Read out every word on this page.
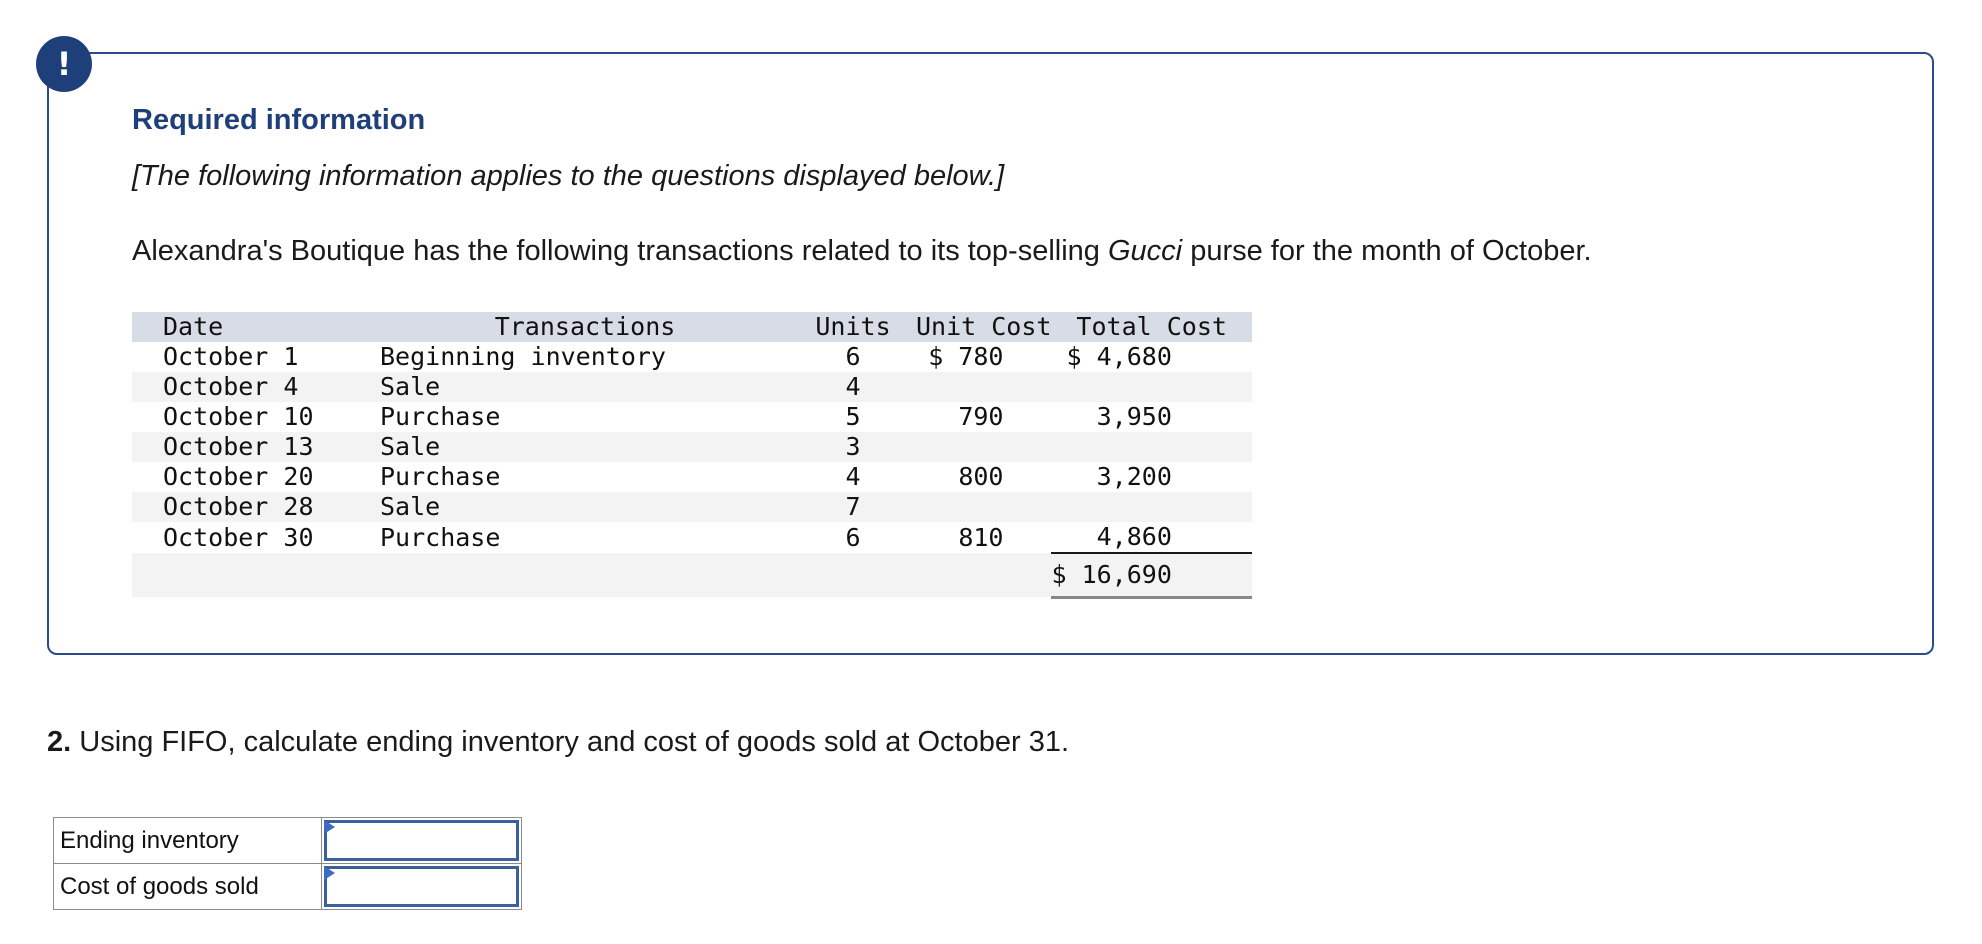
!
Required information
[The following information applies to the questions displayed below.]
Alexandra's Boutique has the following transactions related to its top-selling Gucci purse for the month of October.
Date	Transactions	Units	Unit Cost	Total Cost
October 1	Beginning inventory	6	$ 780	$ 4,680
October 4	Sale	4		
October 10	Purchase	5	790	3,950
October 13	Sale	3		
October 20	Purchase	4	800	3,200
October 28	Sale	7		
October 30	Purchase	6	810	4,860
				$ 16,690
2. Using FIFO, calculate ending inventory and cost of goods sold at October 31.
Ending inventory	

Cost of goods sold	
